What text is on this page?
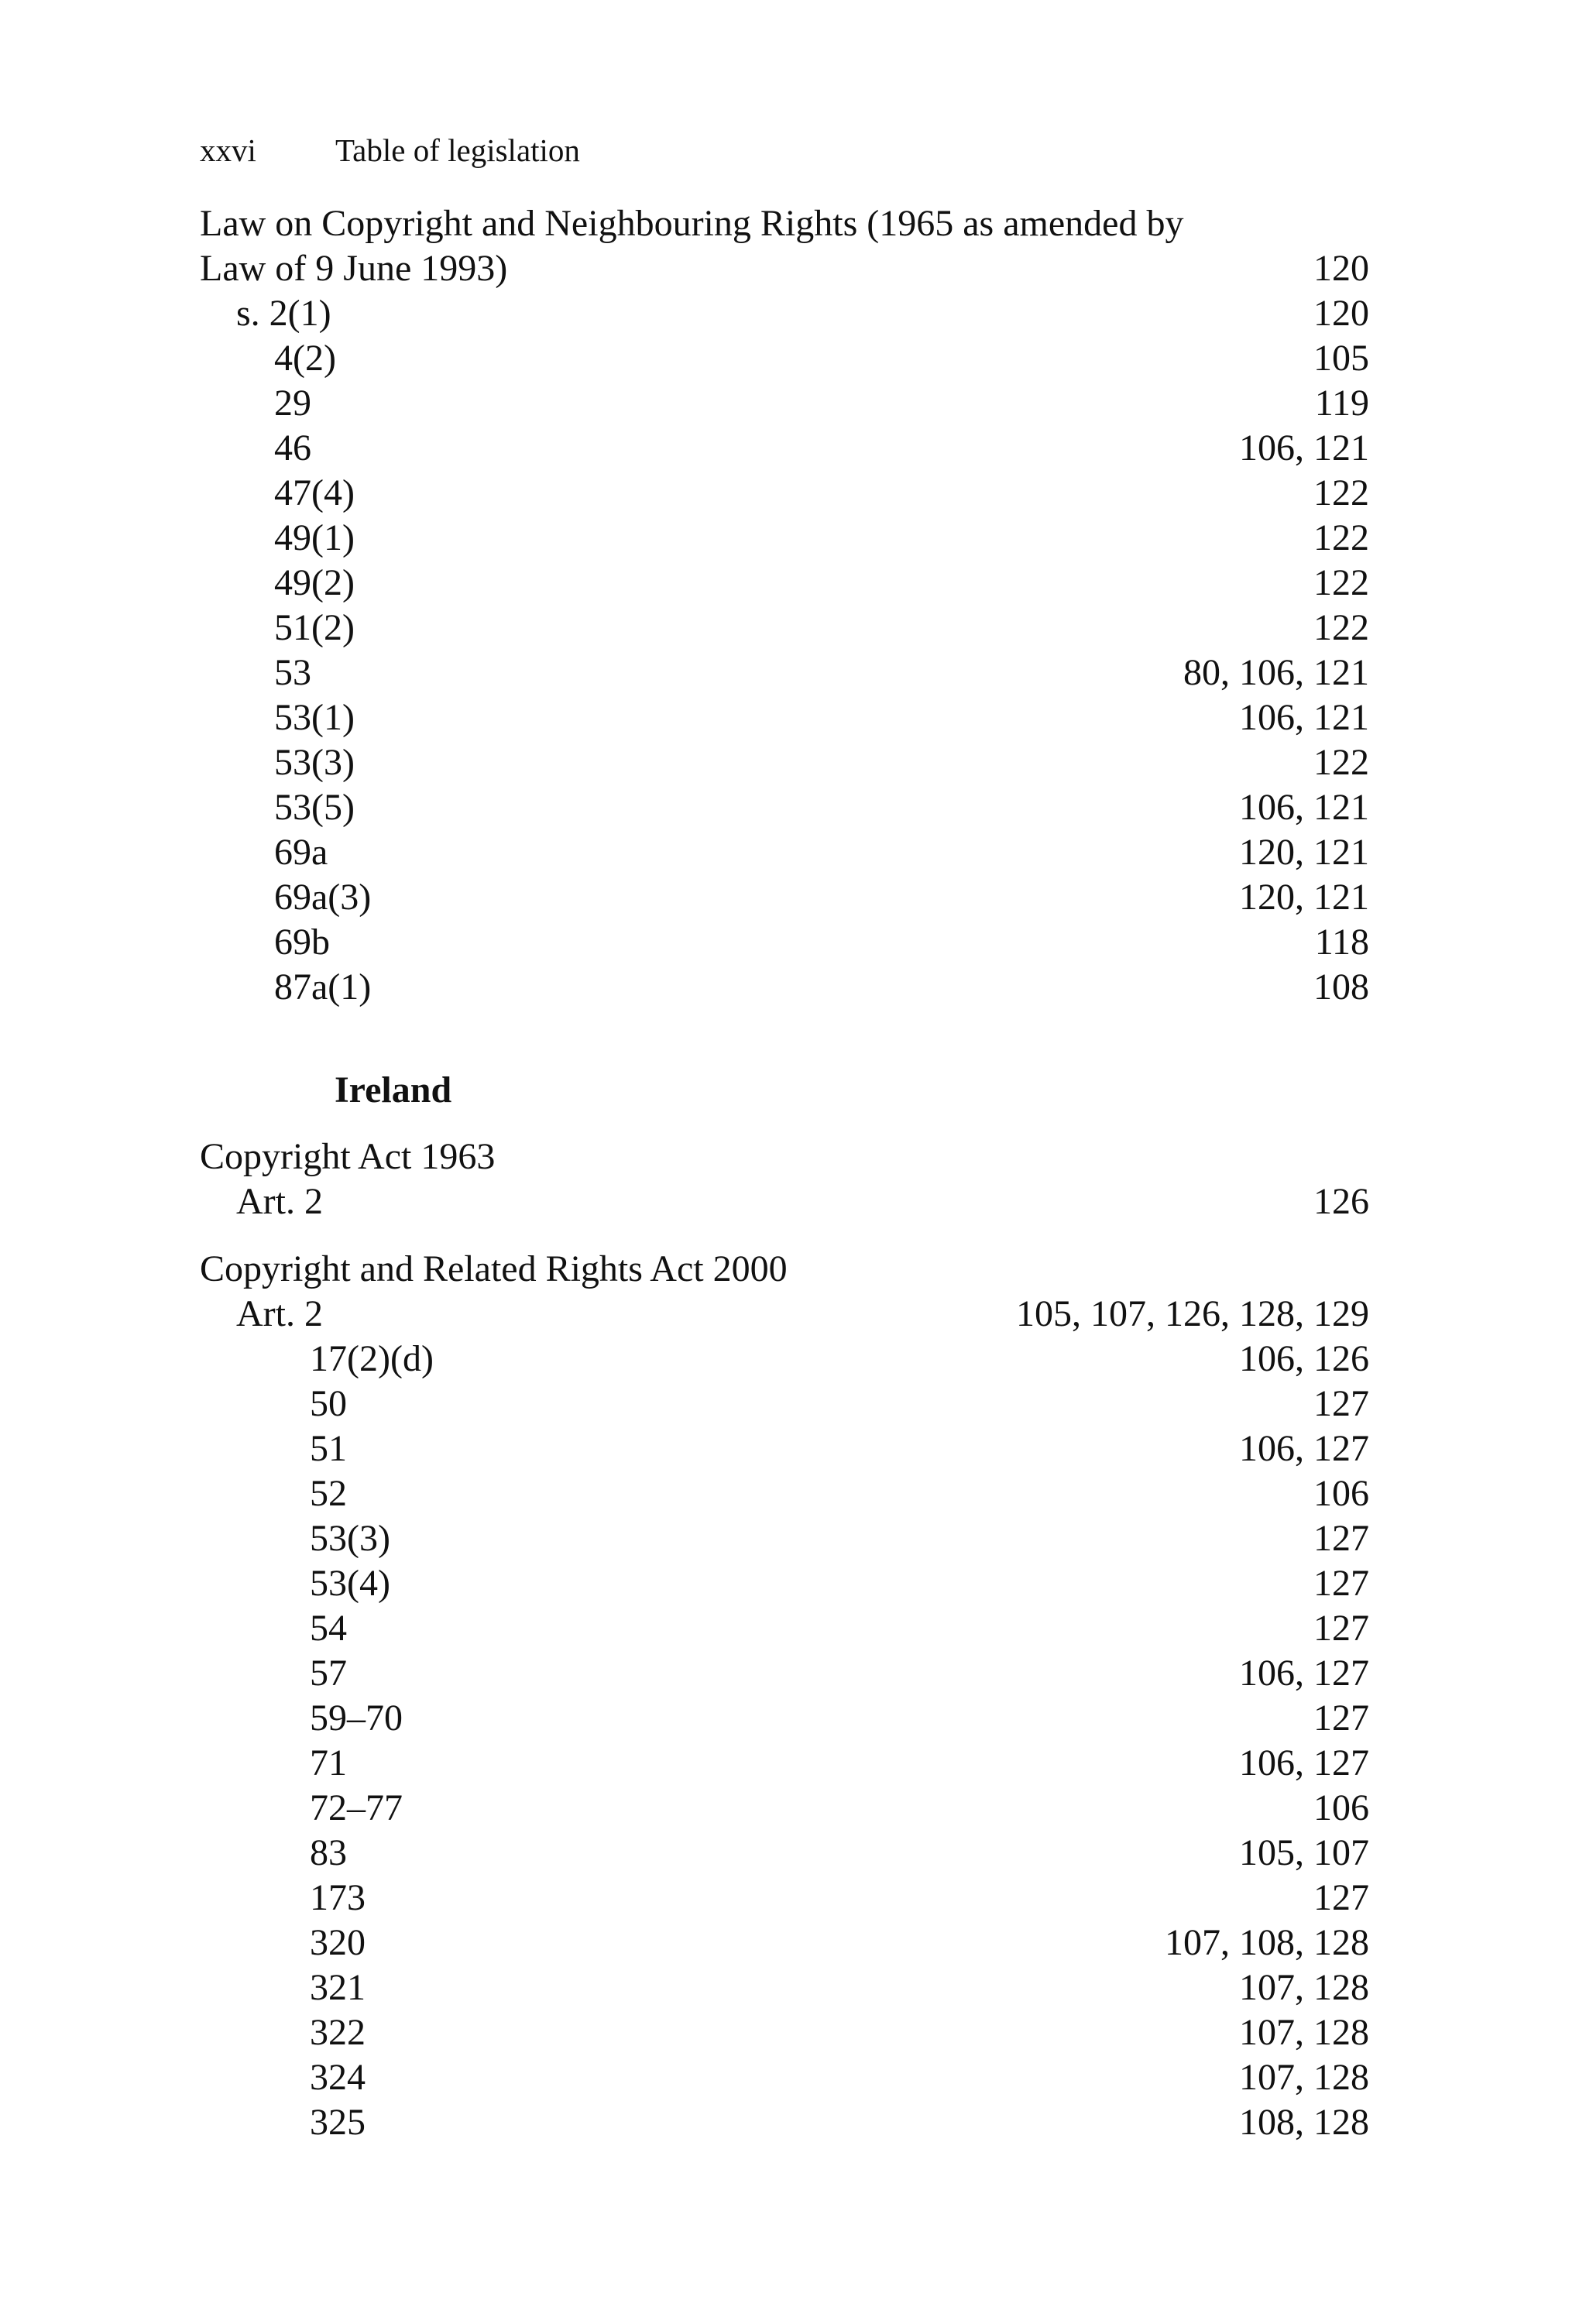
xxvi Table of legislation
Law on Copyright and Neighbouring Rights (1965 as amended by
Law of 9 June 1993)	120
s. 2(1)	120
4(2)	105
29	119
46	106, 121
47(4)	122
49(1)	122
49(2)	122
51(2)	122
53	80, 106, 121
53(1)	106, 121
53(3)	122
53(5)	106, 121
69a	120, 121
69a(3)	120, 121
69b	118
87a(1)	108
Ireland
Copyright Act 1963
Art. 2	126
Copyright and Related Rights Act 2000
Art. 2	105, 107, 126, 128, 129
17(2)(d)	106, 126
50	127
51	106, 127
52	106
53(3)	127
53(4)	127
54	127
57	106, 127
59–70	127
71	106, 127
72–77	106
83	105, 107
173	127
320	107, 108, 128
321	107, 128
322	107, 128
324	107, 128
325	108, 128
